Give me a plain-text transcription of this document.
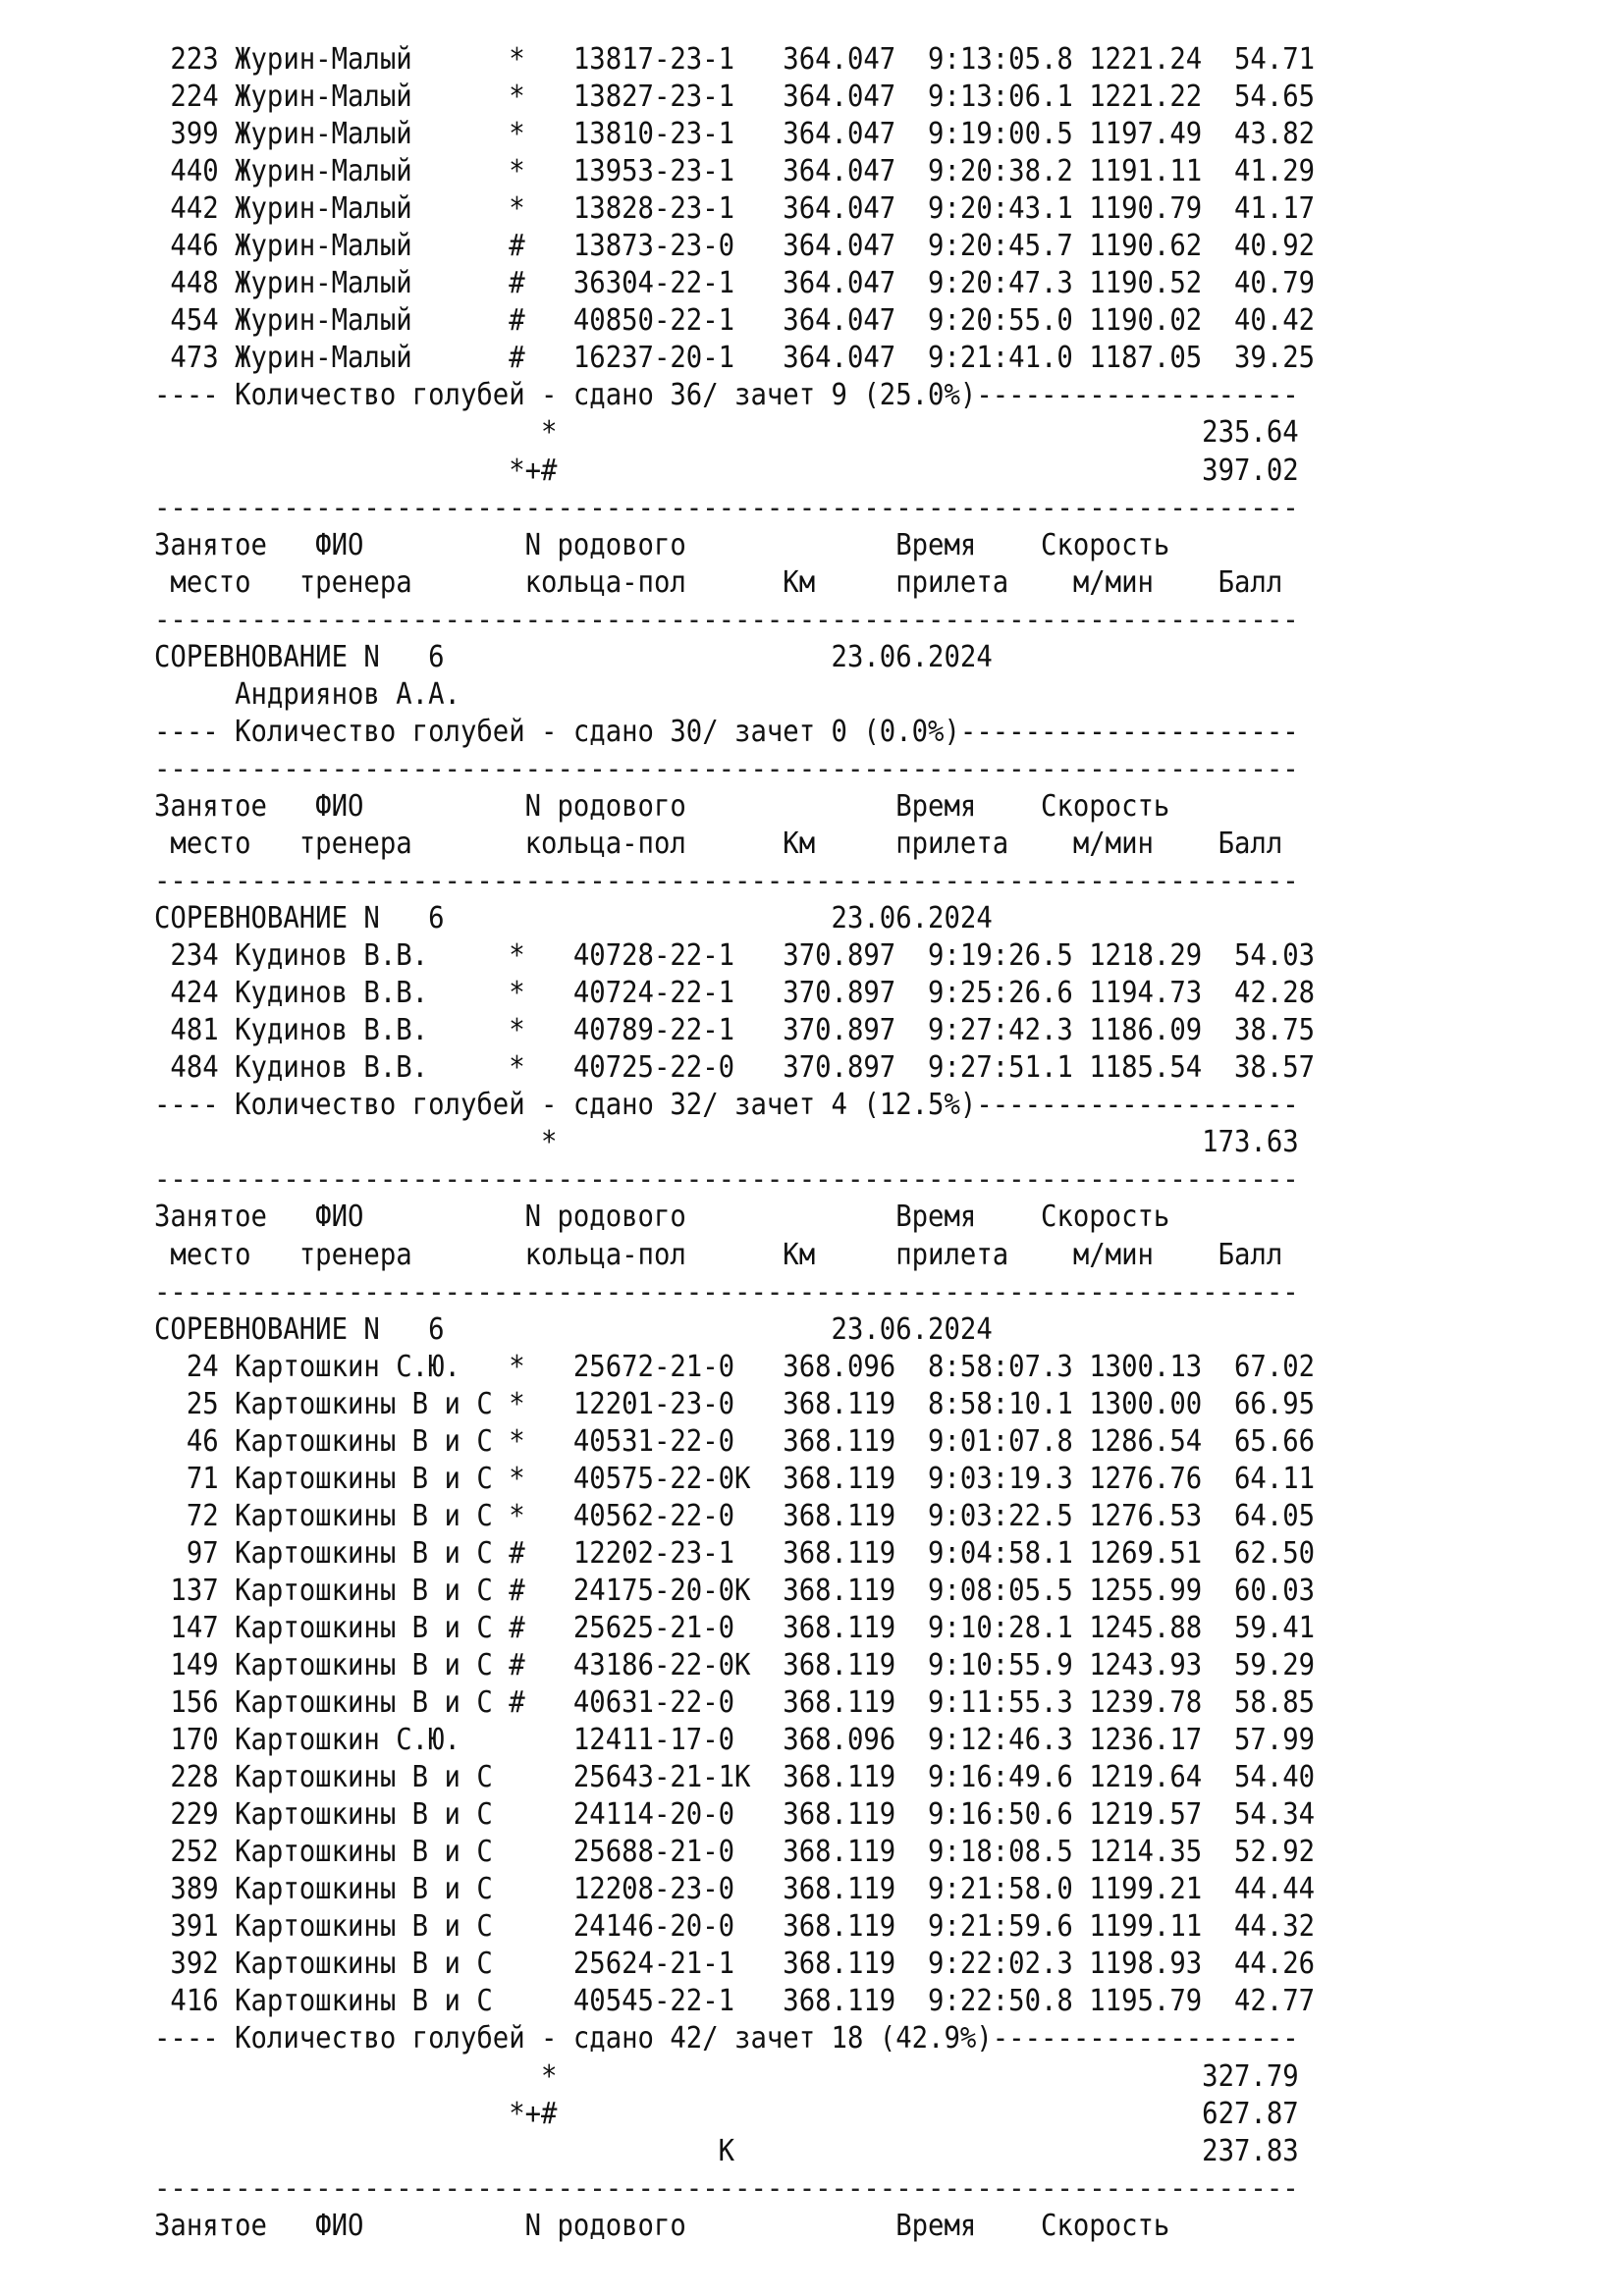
223 Журин-Малый      *   13817-23-1   364.047  9:13:05.8 1221.24  54.71
224 Журин-Малый      *   13827-23-1   364.047  9:13:06.1 1221.22  54.65
399 Журин-Малый      *   13810-23-1   364.047  9:19:00.5 1197.49  43.82
440 Журин-Малый      *   13953-23-1   364.047  9:20:38.2 1191.11  41.29
442 Журин-Малый      *   13828-23-1   364.047  9:20:43.1 1190.79  41.17
446 Журин-Малый      #   13873-23-0   364.047  9:20:45.7 1190.62  40.92
448 Журин-Малый      #   36304-22-1   364.047  9:20:47.3 1190.52  40.79
454 Журин-Малый      #   40850-22-1   364.047  9:20:55.0 1190.02  40.42
473 Журин-Малый      #   16237-20-1   364.047  9:21:41.0 1187.05  39.25
---- Количество голубей - сдано 36/ зачет 9 (25.0%)--------------------
*                                        235.64
*+#                                        397.02
-----------------------------------------------------------------------
Занятое   ФИО          N родового             Время    Скорость
место   тренера       кольца-пол      Км     прилета    м/мин    Балл
-----------------------------------------------------------------------
СОРЕВНОВАНИЕ N   6                        23.06.2024
Андриянов А.А.
---- Количество голубей - сдано 30/ зачет 0 (0.0%)---------------------
-----------------------------------------------------------------------
Занятое   ФИО          N родового             Время    Скорость
место   тренера       кольца-пол      Км     прилета    м/мин    Балл
-----------------------------------------------------------------------
СОРЕВНОВАНИЕ N   6                        23.06.2024
234 Кудинов В.В.     *   40728-22-1   370.897  9:19:26.5 1218.29  54.03
424 Кудинов В.В.     *   40724-22-1   370.897  9:25:26.6 1194.73  42.28
481 Кудинов В.В.     *   40789-22-1   370.897  9:27:42.3 1186.09  38.75
484 Кудинов В.В.     *   40725-22-0   370.897  9:27:51.1 1185.54  38.57
---- Количество голубей - сдано 32/ зачет 4 (12.5%)--------------------
*                                        173.63
-----------------------------------------------------------------------
Занятое   ФИО          N родового             Время    Скорость
место   тренера       кольца-пол      Км     прилета    м/мин    Балл
-----------------------------------------------------------------------
СОРЕВНОВАНИЕ N   6                        23.06.2024
24 Картошкин С.Ю.   *   25672-21-0   368.096  8:58:07.3 1300.13  67.02
25 Картошкины В и С *   12201-23-0   368.119  8:58:10.1 1300.00  66.95
46 Картошкины В и С *   40531-22-0   368.119  9:01:07.8 1286.54  65.66
71 Картошкины В и С *   40575-22-0K  368.119  9:03:19.3 1276.76  64.11
72 Картошкины В и С *   40562-22-0   368.119  9:03:22.5 1276.53  64.05
97 Картошкины В и С #   12202-23-1   368.119  9:04:58.1 1269.51  62.50
137 Картошкины В и С #   24175-20-0K  368.119  9:08:05.5 1255.99  60.03
147 Картошкины В и С #   25625-21-0   368.119  9:10:28.1 1245.88  59.41
149 Картошкины В и С #   43186-22-0K  368.119  9:10:55.9 1243.93  59.29
156 Картошкины В и С #   40631-22-0   368.119  9:11:55.3 1239.78  58.85
170 Картошкин С.Ю.       12411-17-0   368.096  9:12:46.3 1236.17  57.99
228 Картошкины В и С     25643-21-1K  368.119  9:16:49.6 1219.64  54.40
229 Картошкины В и С     24114-20-0   368.119  9:16:50.6 1219.57  54.34
252 Картошкины В и С     25688-21-0   368.119  9:18:08.5 1214.35  52.92
389 Картошкины В и С     12208-23-0   368.119  9:21:58.0 1199.21  44.44
391 Картошкины В и С     24146-20-0   368.119  9:21:59.6 1199.11  44.32
392 Картошкины В и С     25624-21-1   368.119  9:22:02.3 1198.93  44.26
416 Картошкины В и С     40545-22-1   368.119  9:22:50.8 1195.79  42.77
---- Количество голубей - сдано 42/ зачет 18 (42.9%)-------------------
*                                        327.79
*+#                                        627.87
K                             237.83
-----------------------------------------------------------------------
Занятое   ФИО          N родового             Время    Скорость
